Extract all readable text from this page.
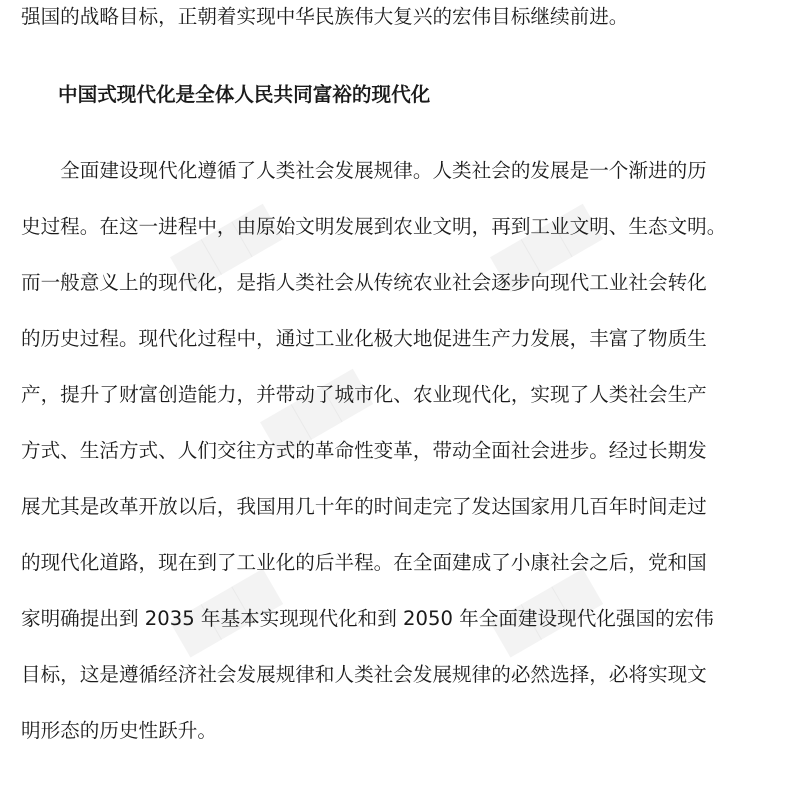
▆▆▆	▆▆▆
▆▆▆	▆▆▆
▆▆▆
强国的战略目标，正朝着实现中华民族伟大复兴的宏伟目标继续前进。
中国式现代化是全体人民共同富裕的现代化
　　全面建设现代化遵循了人类社会发展规律。人类社会的发展是一个渐进的历
史过程。在这一进程中，由原始文明发展到农业文明，再到工业文明、生态文明。
而一般意义上的现代化，是指人类社会从传统农业社会逐步向现代工业社会转化
的历史过程。现代化过程中，通过工业化极大地促进生产力发展，丰富了物质生
产，提升了财富创造能力，并带动了城市化、农业现代化，实现了人类社会生产
方式、生活方式、人们交往方式的革命性变革，带动全面社会进步。经过长期发
展尤其是改革开放以后，我国用几十年的时间走完了发达国家用几百年时间走过
的现代化道路，现在到了工业化的后半程。在全面建成了小康社会之后，党和国
家明确提出到 2035 年基本实现现代化和到 2050 年全面建设现代化强国的宏伟
目标，这是遵循经济社会发展规律和人类社会发展规律的必然选择，必将实现文
明形态的历史性跃升。
